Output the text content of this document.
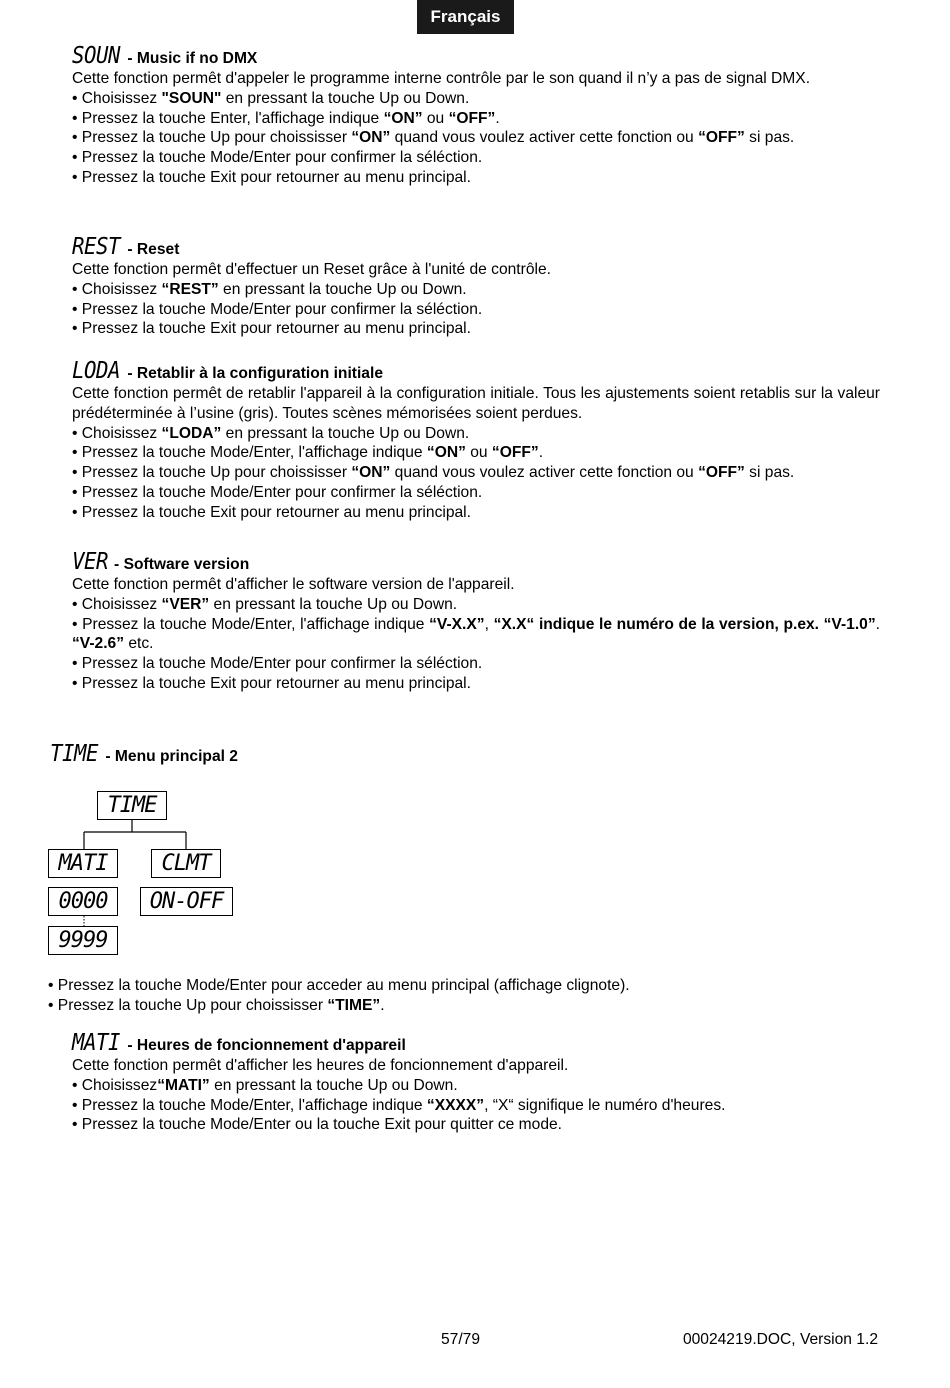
Français
SOUN - Music if no DMX

Cette fonction permêt d'appeler le programme interne contrôle par le son quand il n’y a pas de signal DMX.

• Choisissez "SOUN" en pressant la touche Up ou Down.
• Pressez la touche Enter, l'affichage indique “ON” ou “OFF”.
• Pressez la touche Up pour choississer “ON” quand vous voulez activer cette fonction ou “OFF” si pas.
• Pressez la touche Mode/Enter pour confirmer la séléction.
• Pressez la touche Exit pour retourner au menu principal.
REST - Reset

Cette fonction permêt d'effectuer un Reset grâce à l'unité de contrôle.

• Choisissez “REST” en pressant la touche Up ou Down.
• Pressez la touche Mode/Enter pour confirmer la séléction.
• Pressez la touche Exit pour retourner au menu principal.
LODA - Retablir à la configuration initiale

Cette fonction permêt de retablir l'appareil à la configuration initiale. Tous les ajustements soient retablis sur la valeur prédéterminée à l’usine (gris). Toutes scènes mémorisées soient perdues.

• Choisissez “LODA” en pressant la touche Up ou Down.
• Pressez la touche Mode/Enter, l'affichage indique “ON” ou “OFF”.
• Pressez la touche Up pour choississer “ON” quand vous voulez activer cette fonction ou “OFF” si pas.
• Pressez la touche Mode/Enter pour confirmer la séléction.
• Pressez la touche Exit pour retourner au menu principal.
VER - Software version

Cette fonction permêt d'afficher le software version de l'appareil.

• Choisissez “VER” en pressant la touche Up ou Down.

• Pressez la touche Mode/Enter, l'affichage indique “V-X.X”, “X.X“ indique le numéro de la version, p.ex. “V-1.0”. “V-2.6” etc.

• Pressez la touche Mode/Enter pour confirmer la séléction.
• Pressez la touche Exit pour retourner au menu principal.
TIME - Menu principal 2
TIME
MATI	CLMT
0000	ON-OFF
9999
• Pressez la touche Mode/Enter pour acceder au menu principal (affichage clignote).
• Pressez la touche Up pour choississer “TIME”.
MATI - Heures de foncionnement d'appareil

Cette fonction permêt d'afficher les heures de foncionnement d'appareil.

• Choisissez“MATI” en pressant la touche Up ou Down.
• Pressez la touche Mode/Enter, l'affichage indique “XXXX”, “X“ signifique le numéro d'heures.
• Pressez la touche Mode/Enter ou la touche Exit pour quitter ce mode.
57/79	00024219.DOC, Version 1.2
